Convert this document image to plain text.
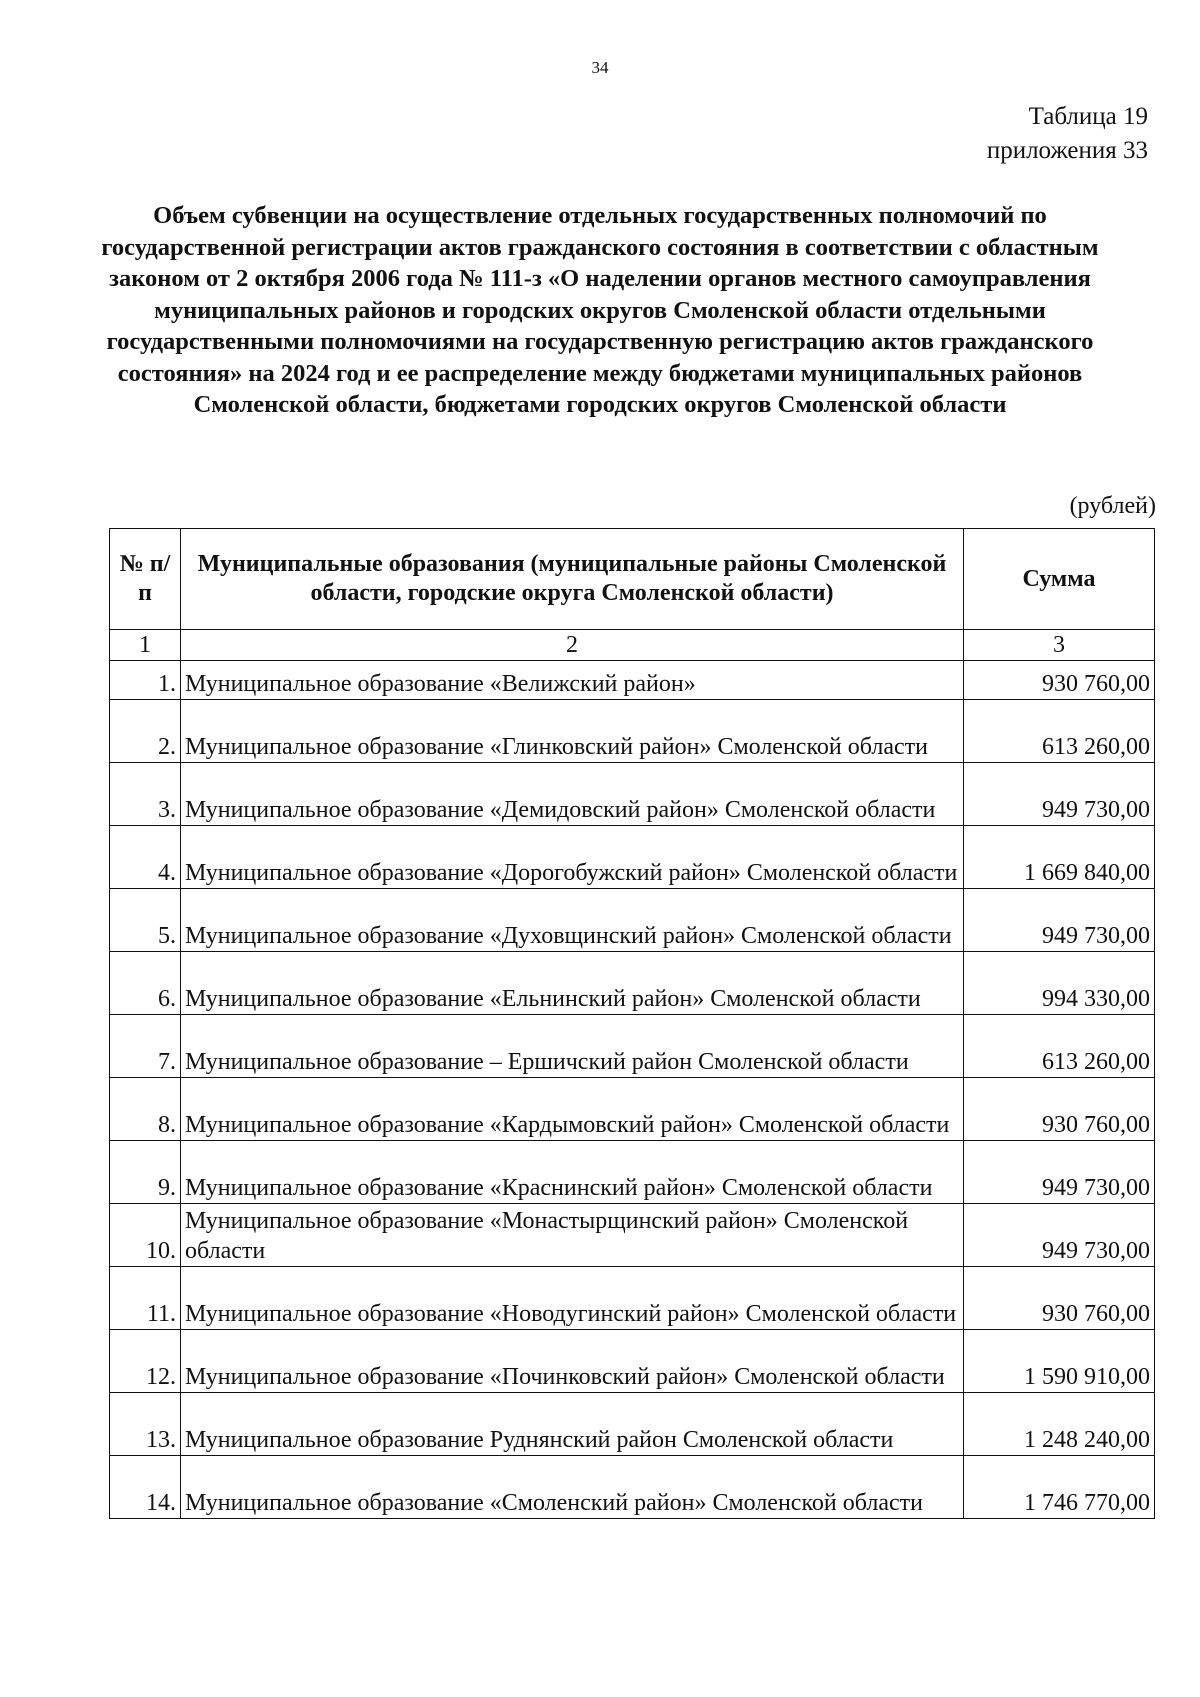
34
Таблица 19
приложения 33
Объем субвенции на осуществление отдельных государственных полномочий по государственной регистрации актов гражданского состояния в соответствии с областным законом от 2 октября 2006 года № 111-з «О наделении органов местного самоуправления муниципальных районов и городских округов Смоленской области отдельными государственными полномочиями на государственную регистрацию актов гражданского состояния» на 2024 год и ее распределение между бюджетами муниципальных районов Смоленской области, бюджетами городских округов Смоленской области
(рублей)
№ п/п	Муниципальные образования (муниципальные районы Смоленской области, городские округа Смоленской области)	Сумма
1	2	3
1.	Муниципальное образование «Велижский район»	930 760,00
2.	Муниципальное образование «Глинковский район» Смоленской области	613 260,00
3.	Муниципальное образование «Демидовский район» Смоленской области	949 730,00
4.	Муниципальное образование «Дорогобужский район» Смоленской области	1 669 840,00
5.	Муниципальное образование «Духовщинский район» Смоленской области	949 730,00
6.	Муниципальное образование «Ельнинский район» Смоленской области	994 330,00
7.	Муниципальное образование – Ершичский район Смоленской области	613 260,00
8.	Муниципальное образование «Кардымовский район» Смоленской области	930 760,00
9.	Муниципальное образование «Краснинский район» Смоленской области	949 730,00
10.	Муниципальное образование «Монастырщинский район» Смоленской области	949 730,00
11.	Муниципальное образование «Новодугинский район» Смоленской области	930 760,00
12.	Муниципальное образование «Починковский район» Смоленской области	1 590 910,00
13.	Муниципальное образование Руднянский район Смоленской области	1 248 240,00
14.	Муниципальное образование «Смоленский район» Смоленской области	1 746 770,00
